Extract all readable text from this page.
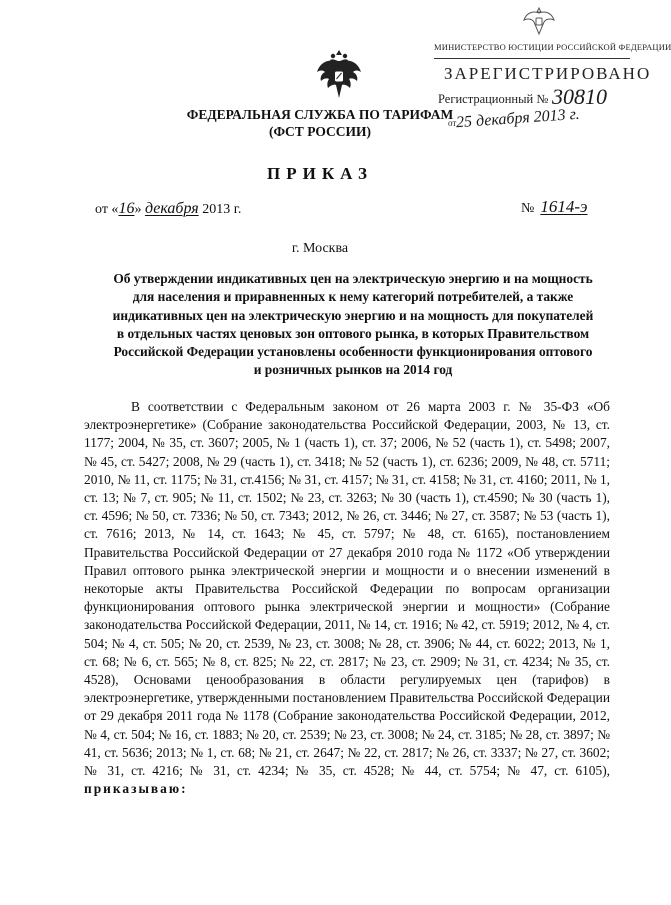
МИНИСТЕРСТВО ЮСТИЦИИ РОССИЙСКОЙ ФЕДЕРАЦИИ
ЗАРЕГИСТРИРОВАНО
Регистрационный № 30810
от 25 декабря 2013 г.
ФЕДЕРАЛЬНАЯ СЛУЖБА ПО ТАРИФАМ
(ФСТ РОССИИ)
ПРИКАЗ
от «16» декабря 2013 г.	№ 1614-э
г. Москва
Об утверждении индикативных цен на электрическую энергию и на мощность для населения и приравненных к нему категорий потребителей, а также индикативных цен на электрическую энергию и на мощность для покупателей в отдельных частях ценовых зон оптового рынка, в которых Правительством Российской Федерации установлены особенности функционирования оптового и розничных рынков на 2014 год
В соответствии с Федеральным законом от 26 марта 2003 г. № 35-ФЗ «Об электроэнергетике» (Собрание законодательства Российской Федерации, 2003, № 13, ст. 1177; 2004, № 35, ст. 3607; 2005, № 1 (часть 1), ст. 37; 2006, № 52 (часть 1), ст. 5498; 2007, № 45, ст. 5427; 2008, № 29 (часть 1), ст. 3418; № 52 (часть 1), ст. 6236; 2009, № 48, ст. 5711; 2010, № 11, ст. 1175; № 31, ст.4156; № 31, ст. 4157; № 31, ст. 4158; № 31, ст. 4160; 2011, № 1, ст. 13; № 7, ст. 905; № 11, ст. 1502; № 23, ст. 3263; № 30 (часть 1), ст.4590; № 30 (часть 1), ст. 4596; № 50, ст. 7336; № 50, ст. 7343; 2012, № 26, ст. 3446; № 27, ст. 3587; № 53 (часть 1), ст. 7616; 2013, № 14, ст. 1643; № 45, ст. 5797; № 48, ст. 6165), постановлением Правительства Российской Федерации от 27 декабря 2010 года № 1172 «Об утверждении Правил оптового рынка электрической энергии и мощности и о внесении изменений в некоторые акты Правительства Российской Федерации по вопросам организации функционирования оптового рынка электрической энергии и мощности» (Собрание законодательства Российской Федерации, 2011, № 14, ст. 1916; № 42, ст. 5919; 2012, № 4, ст. 504; № 4, ст. 505; № 20, ст. 2539, № 23, ст. 3008; № 28, ст. 3906; № 44, ст. 6022; 2013, № 1, ст. 68; № 6, ст. 565; № 8, ст. 825; № 22, ст. 2817; № 23, ст. 2909; № 31, ст. 4234; № 35, ст. 4528), Основами ценообразования в области регулируемых цен (тарифов) в электроэнергетике, утвержденными постановлением Правительства Российской Федерации от 29 декабря 2011 года № 1178 (Собрание законодательства Российской Федерации, 2012, № 4, ст. 504; № 16, ст. 1883; № 20, ст. 2539; № 23, ст. 3008; № 24, ст. 3185; № 28, ст. 3897; № 41, ст. 5636; 2013; № 1, ст. 68; № 21, ст. 2647; № 22, ст. 2817; № 26, ст. 3337; № 27, ст. 3602; № 31, ст. 4216; № 31, ст. 4234; № 35, ст. 4528; № 44, ст. 5754; № 47, ст. 6105), приказываю:
